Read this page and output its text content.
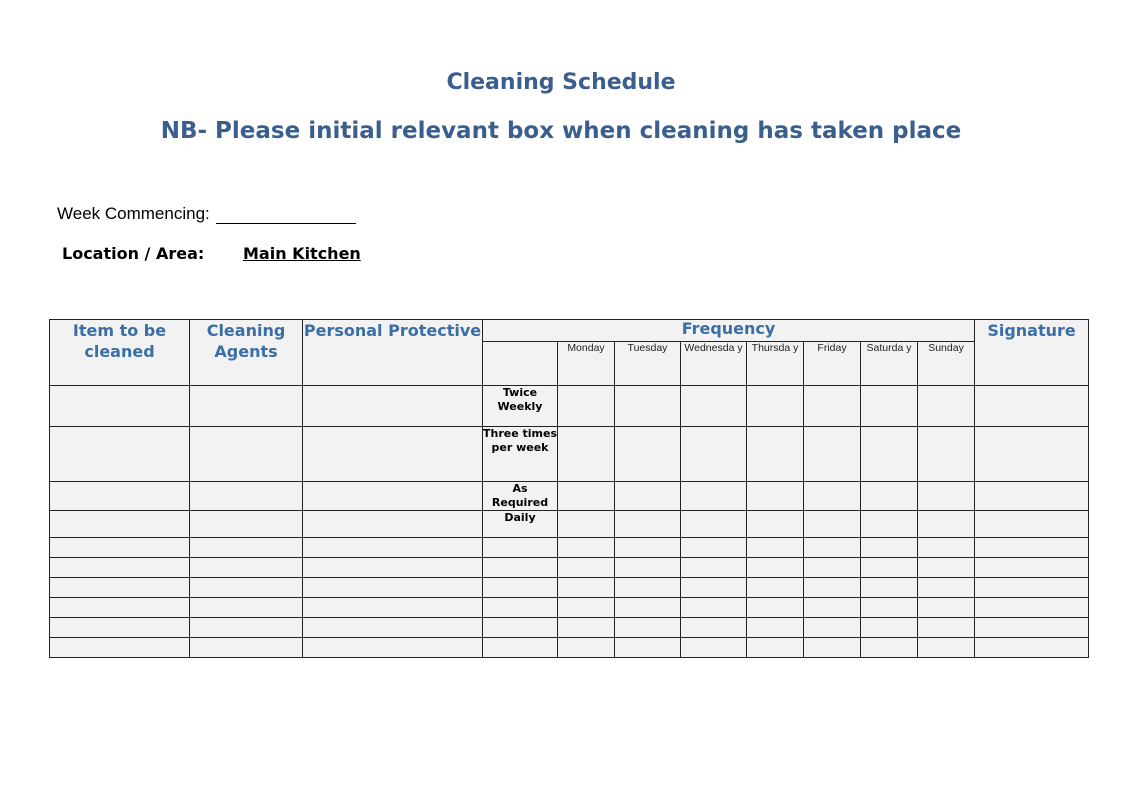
Cleaning Schedule
NB- Please initial relevant box when cleaning has taken place
Week Commencing:
Location / Area: Main Kitchen
Item to be cleaned	Cleaning Agents	Personal Protective	Frequency								Signature
				Monday	Tuesday	Wednesda y	Thursda y	Friday	Saturda y	Sunday	
			Twice Weekly								
			Three times per week								
			As Required								
			Daily								
